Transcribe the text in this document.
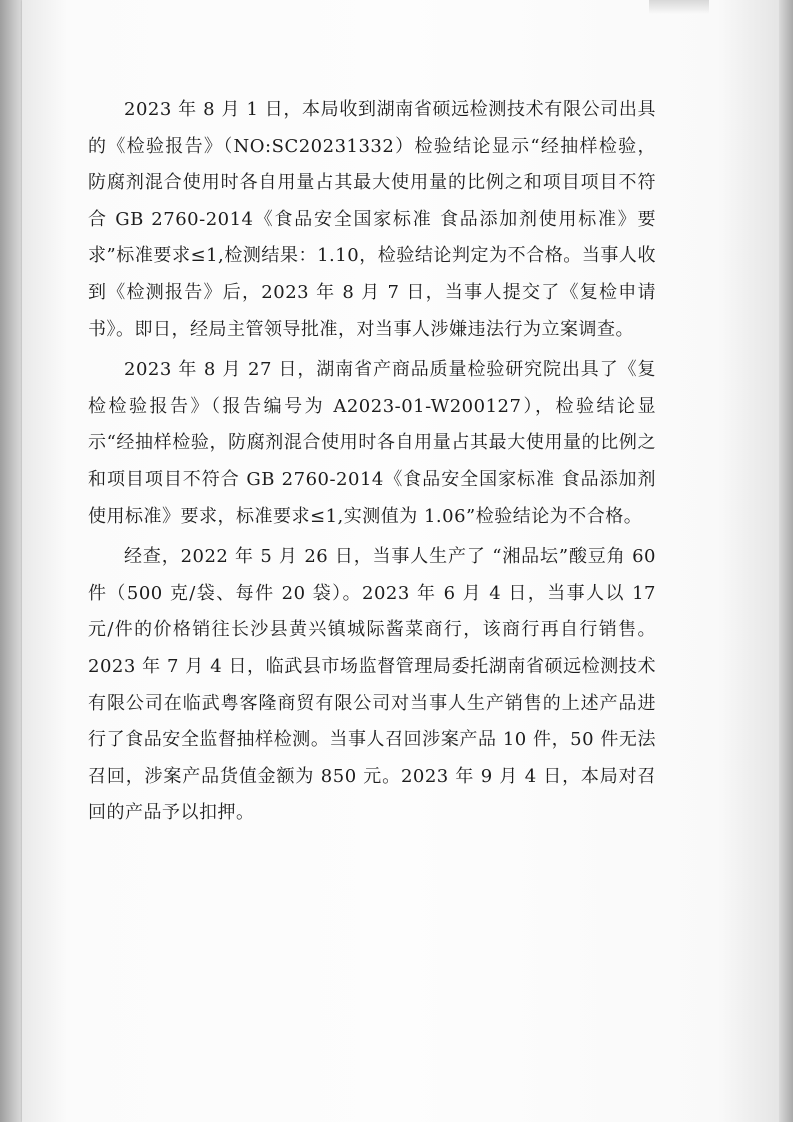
2023 年 8 月 1 日，本局收到湖南省硕远检测技术有限公司出具的《检验报告》（NO:SC20231332）检验结论显示“经抽样检验，防腐剂混合使用时各自用量占其最大使用量的比例之和项目项目不符合 GB 2760-2014《食品安全国家标准 食品添加剂使用标准》要求”标准要求≤1,检测结果：1.10，检验结论判定为不合格。当事人收到《检测报告》后，2023 年 8 月 7 日，当事人提交了《复检申请书》。即日，经局主管领导批准，对当事人涉嫌违法行为立案调查。

2023 年 8 月 27 日，湖南省产商品质量检验研究院出具了《复检检验报告》（报告编号为 A2023-01-W200127），检验结论显示“经抽样检验，防腐剂混合使用时各自用量占其最大使用量的比例之和项目项目不符合 GB 2760-2014《食品安全国家标准 食品添加剂使用标准》要求，标准要求≤1,实测值为 1.06”检验结论为不合格。

经查，2022 年 5 月 26 日，当事人生产了 “湘品坛”酸豆角 60 件（500 克/袋、每件 20 袋）。2023 年 6 月 4 日，当事人以 17 元/件的价格销往长沙县黄兴镇城际酱菜商行，该商行再自行销售。2023 年 7 月 4 日，临武县市场监督管理局委托湖南省硕远检测技术有限公司在临武粤客隆商贸有限公司对当事人生产销售的上述产品进行了食品安全监督抽样检测。当事人召回涉案产品 10 件，50 件无法召回，涉案产品货值金额为 850 元。2023 年 9 月 4 日，本局对召回的产品予以扣押。
